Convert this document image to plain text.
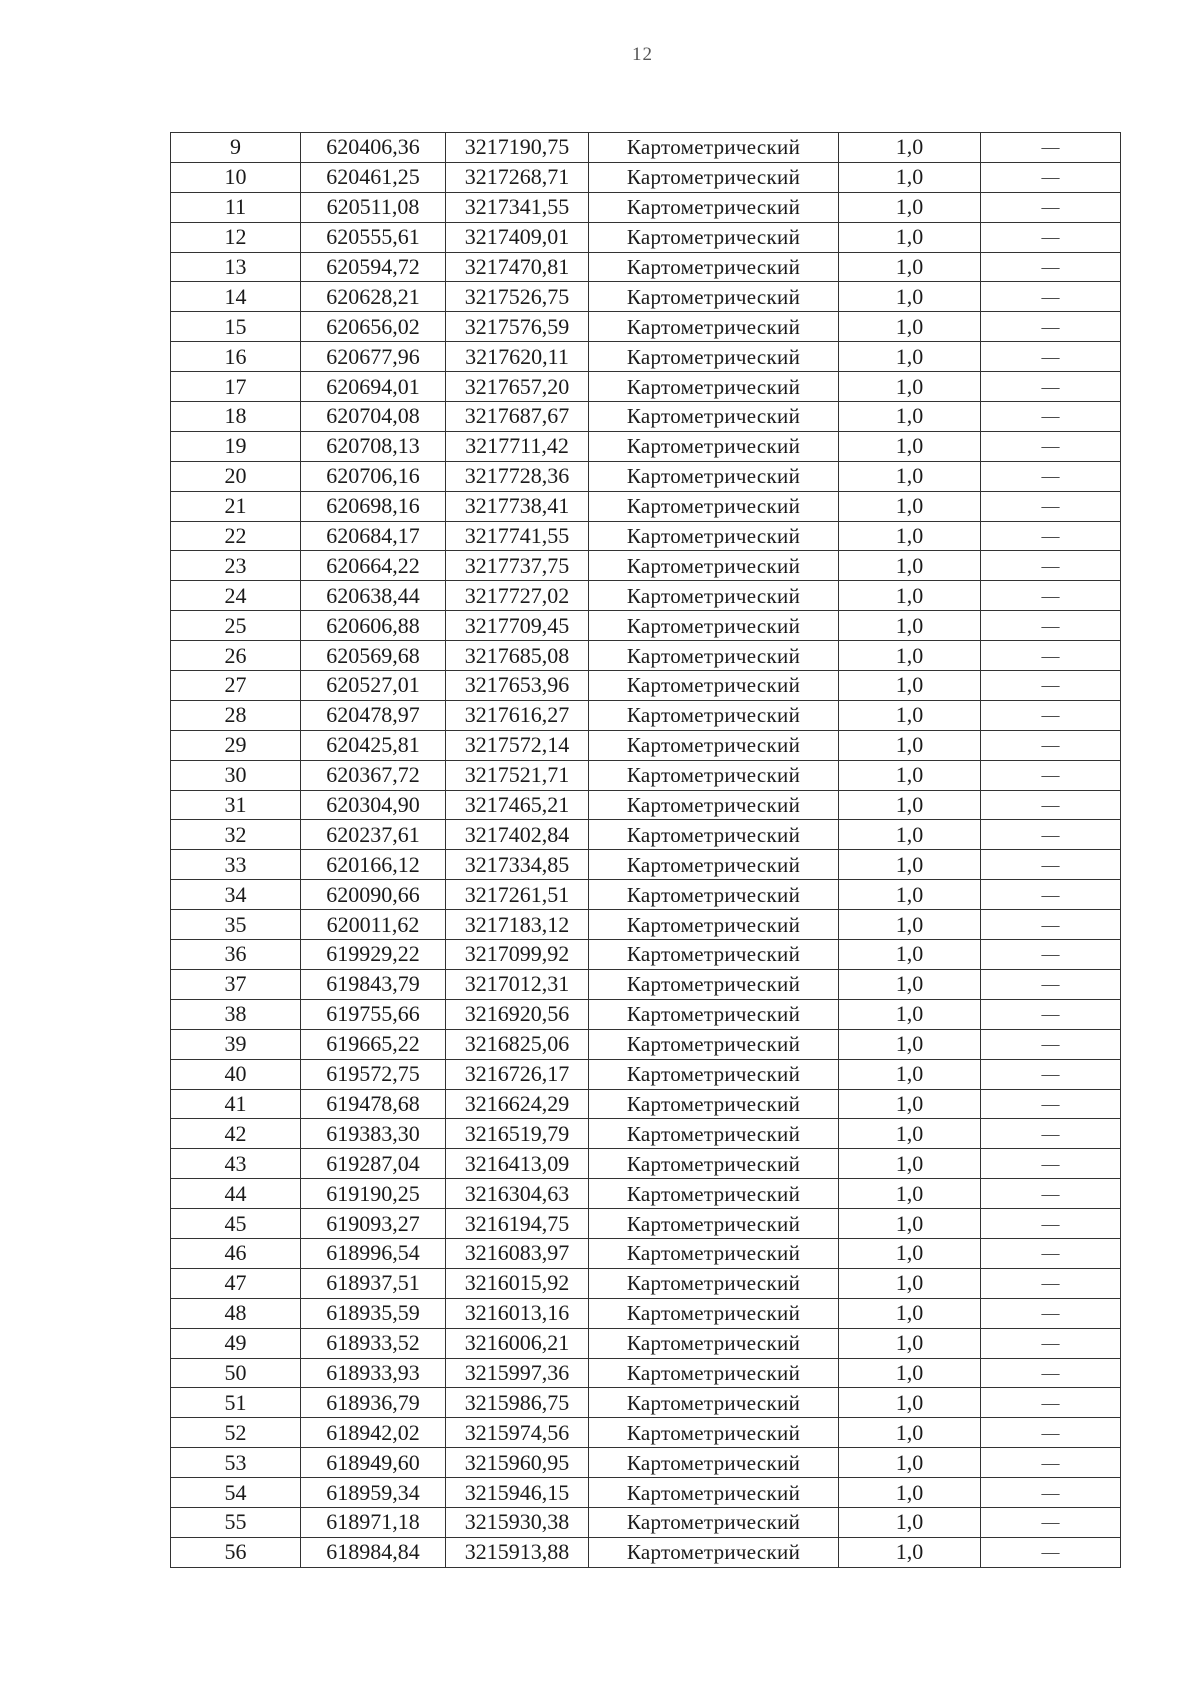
12
9	620406,36	3217190,75	Картометрический	1,0	—
10	620461,25	3217268,71	Картометрический	1,0	—
11	620511,08	3217341,55	Картометрический	1,0	—
12	620555,61	3217409,01	Картометрический	1,0	—
13	620594,72	3217470,81	Картометрический	1,0	—
14	620628,21	3217526,75	Картометрический	1,0	—
15	620656,02	3217576,59	Картометрический	1,0	—
16	620677,96	3217620,11	Картометрический	1,0	—
17	620694,01	3217657,20	Картометрический	1,0	—
18	620704,08	3217687,67	Картометрический	1,0	—
19	620708,13	3217711,42	Картометрический	1,0	—
20	620706,16	3217728,36	Картометрический	1,0	—
21	620698,16	3217738,41	Картометрический	1,0	—
22	620684,17	3217741,55	Картометрический	1,0	—
23	620664,22	3217737,75	Картометрический	1,0	—
24	620638,44	3217727,02	Картометрический	1,0	—
25	620606,88	3217709,45	Картометрический	1,0	—
26	620569,68	3217685,08	Картометрический	1,0	—
27	620527,01	3217653,96	Картометрический	1,0	—
28	620478,97	3217616,27	Картометрический	1,0	—
29	620425,81	3217572,14	Картометрический	1,0	—
30	620367,72	3217521,71	Картометрический	1,0	—
31	620304,90	3217465,21	Картометрический	1,0	—
32	620237,61	3217402,84	Картометрический	1,0	—
33	620166,12	3217334,85	Картометрический	1,0	—
34	620090,66	3217261,51	Картометрический	1,0	—
35	620011,62	3217183,12	Картометрический	1,0	—
36	619929,22	3217099,92	Картометрический	1,0	—
37	619843,79	3217012,31	Картометрический	1,0	—
38	619755,66	3216920,56	Картометрический	1,0	—
39	619665,22	3216825,06	Картометрический	1,0	—
40	619572,75	3216726,17	Картометрический	1,0	—
41	619478,68	3216624,29	Картометрический	1,0	—
42	619383,30	3216519,79	Картометрический	1,0	—
43	619287,04	3216413,09	Картометрический	1,0	—
44	619190,25	3216304,63	Картометрический	1,0	—
45	619093,27	3216194,75	Картометрический	1,0	—
46	618996,54	3216083,97	Картометрический	1,0	—
47	618937,51	3216015,92	Картометрический	1,0	—
48	618935,59	3216013,16	Картометрический	1,0	—
49	618933,52	3216006,21	Картометрический	1,0	—
50	618933,93	3215997,36	Картометрический	1,0	—
51	618936,79	3215986,75	Картометрический	1,0	—
52	618942,02	3215974,56	Картометрический	1,0	—
53	618949,60	3215960,95	Картометрический	1,0	—
54	618959,34	3215946,15	Картометрический	1,0	—
55	618971,18	3215930,38	Картометрический	1,0	—
56	618984,84	3215913,88	Картометрический	1,0	—
